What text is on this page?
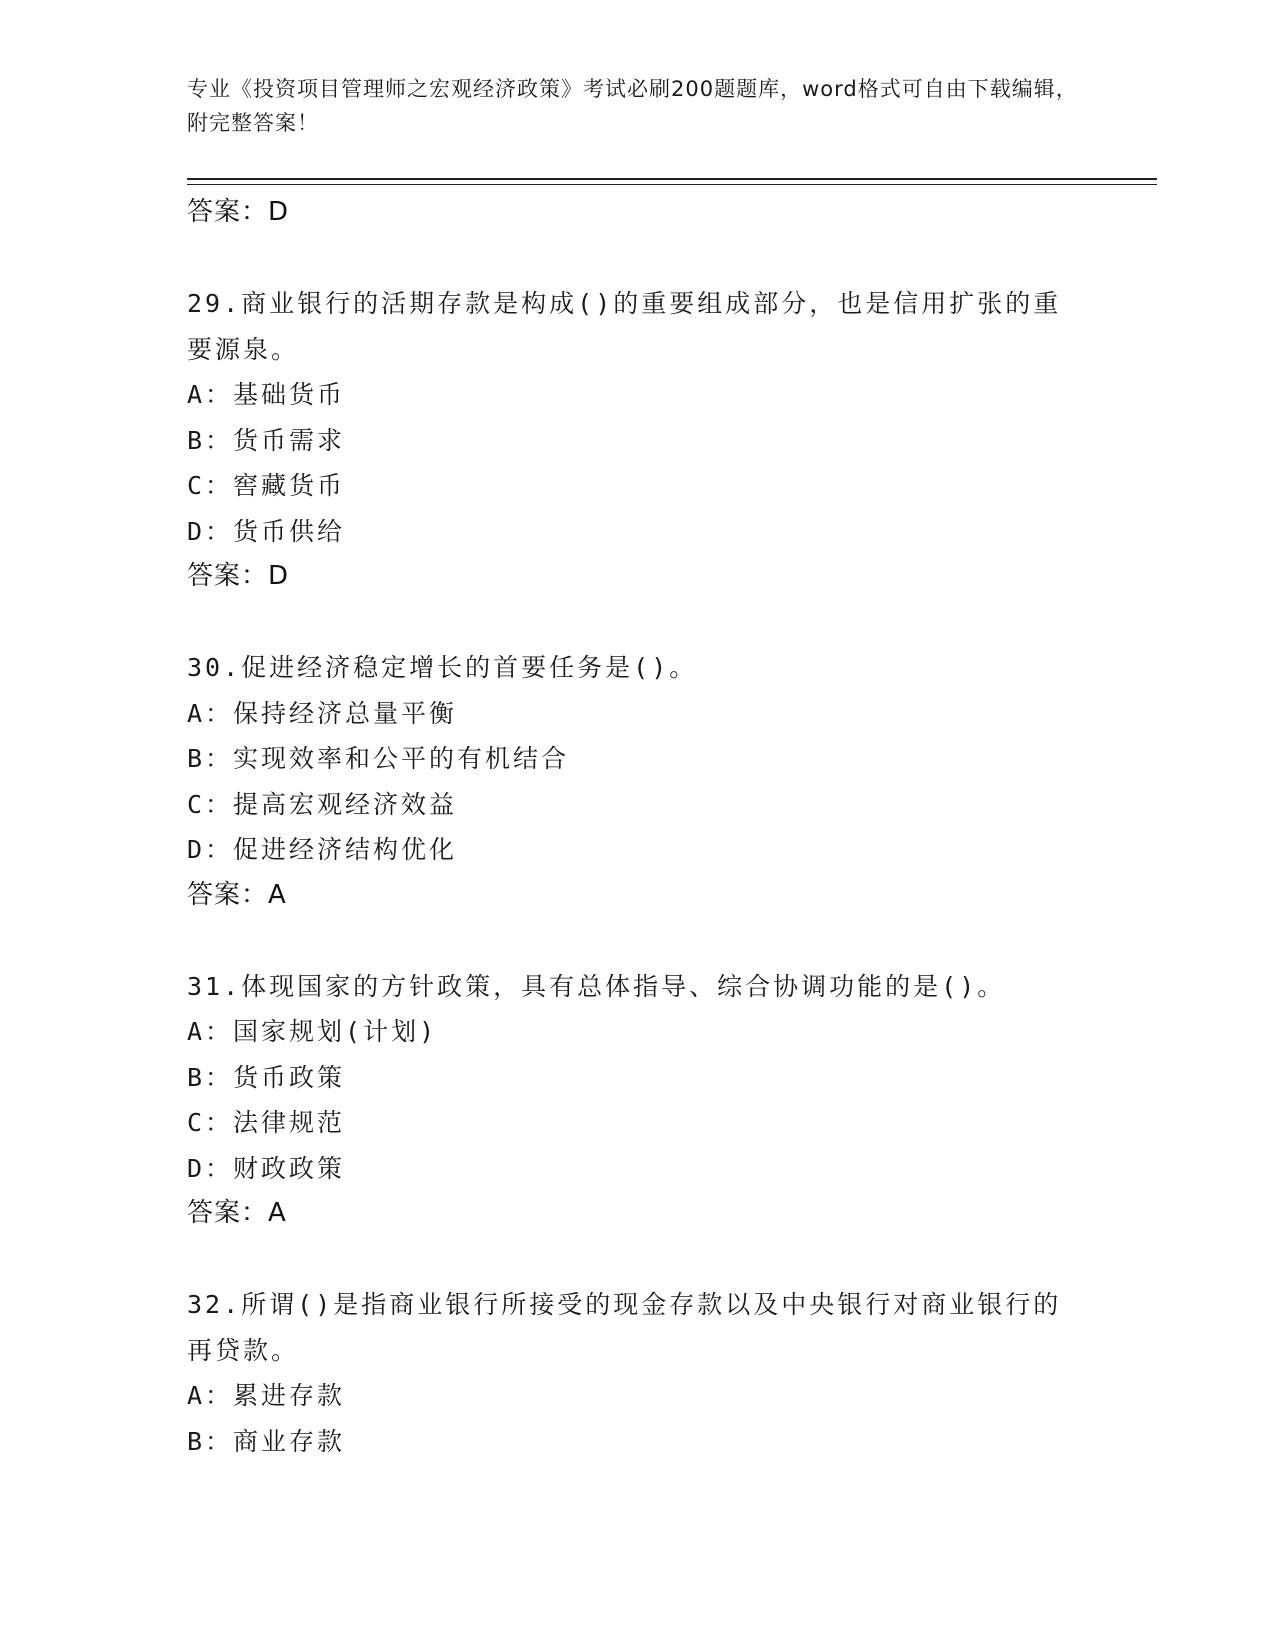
专业《投资项目管理师之宏观经济政策》考试必刷200题题库，word格式可自由下载编辑，附完整答案！
答案：D
29.商业银行的活期存款是构成()的重要组成部分，也是信用扩张的重
要源泉。
A：基础货币
B：货币需求
C：窖藏货币
D：货币供给
答案：D
30.促进经济稳定增长的首要任务是()。
A：保持经济总量平衡
B：实现效率和公平的有机结合
C：提高宏观经济效益
D：促进经济结构优化
答案：A
31.体现国家的方针政策，具有总体指导、综合协调功能的是()。
A：国家规划(计划)
B：货币政策
C：法律规范
D：财政政策
答案：A
32.所谓()是指商业银行所接受的现金存款以及中央银行对商业银行的
再贷款。
A：累进存款
B：商业存款
